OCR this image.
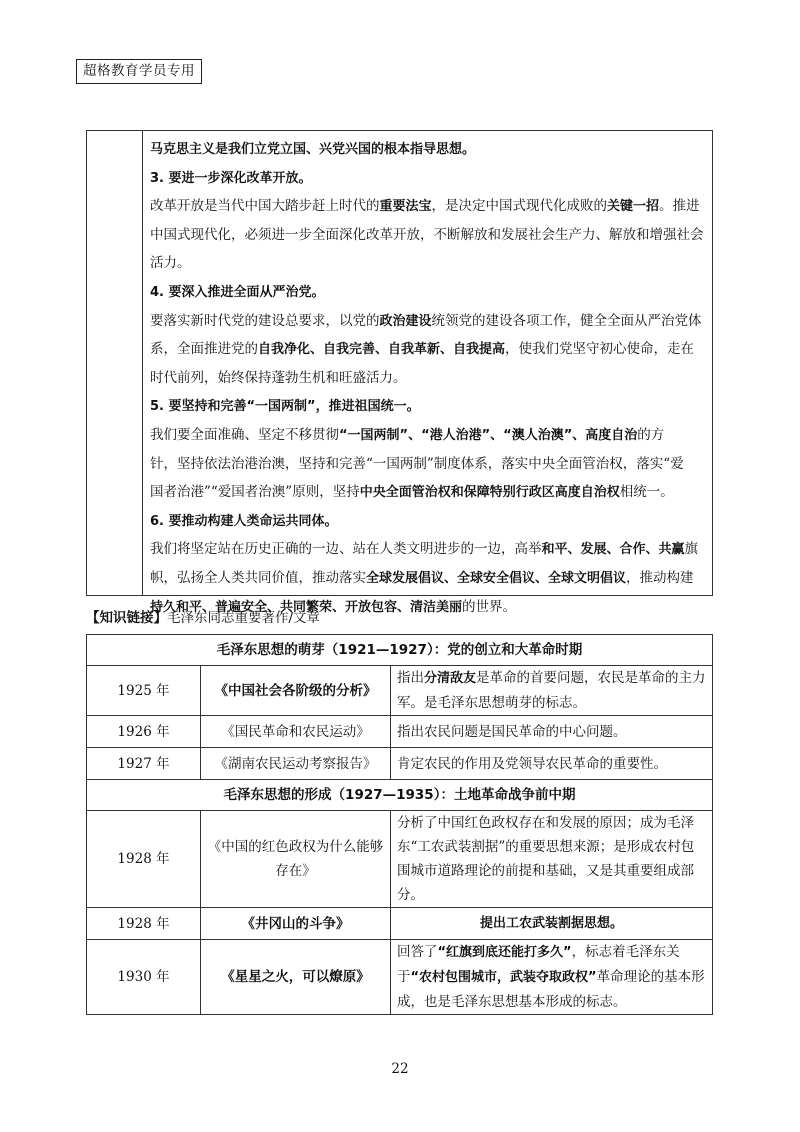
超格教育学员专用
马克思主义是我们立党立国、兴党兴国的根本指导思想。
3. 要进一步深化改革开放。
改革开放是当代中国大踏步赶上时代的重要法宝，是决定中国式现代化成败的关键一招。推进
中国式现代化，必须进一步全面深化改革开放，不断解放和发展社会生产力、解放和增强社会
活力。
4. 要深入推进全面从严治党。
要落实新时代党的建设总要求，以党的政治建设统领党的建设各项工作，健全全面从严治党体
系，全面推进党的自我净化、自我完善、自我革新、自我提高，使我们党坚守初心使命，走在
时代前列，始终保持蓬勃生机和旺盛活力。
5. 要坚持和完善“一国两制”，推进祖国统一。
我们要全面准确、坚定不移贯彻“一国两制”、“港人治港”、“澳人治澳”、高度自治的方
针，坚持依法治港治澳，坚持和完善“一国两制”制度体系，落实中央全面管治权，落实“爱
国者治港”“爱国者治澳”原则，坚持中央全面管治权和保障特别行政区高度自治权相统一。
6. 要推动构建人类命运共同体。
我们将坚定站在历史正确的一边、站在人类文明进步的一边，高举和平、发展、合作、共赢旗
帜，弘扬全人类共同价值，推动落实全球发展倡议、全球安全倡议、全球文明倡议，推动构建
持久和平、普遍安全、共同繁荣、开放包容、清洁美丽的世界。
【知识链接】毛泽东同志重要著作/文章
毛泽东思想的萌芽（1921—1927）：党的创立和大革命时期		
1925 年	《中国社会各阶级的分析》	指出分清敌友是革命的首要问题，农民是革命的主力军。是毛泽东思想萌芽的标志。
1926 年	《国民革命和农民运动》	指出农民问题是国民革命的中心问题。
1927 年	《湖南农民运动考察报告》	肯定农民的作用及党领导农民革命的重要性。
毛泽东思想的形成（1927—1935）：土地革命战争前中期		
1928 年	《中国的红色政权为什么能够存在》	分析了中国红色政权存在和发展的原因；成为毛泽东“工农武装割据”的重要思想来源；是形成农村包围城市道路理论的前提和基础，又是其重要组成部分。
1928 年	《井冈山的斗争》	提出工农武装割据思想。
1930 年	《星星之火，可以燎原》	回答了“红旗到底还能打多久”，标志着毛泽东关于“农村包围城市，武装夺取政权”革命理论的基本形成，也是毛泽东思想基本形成的标志。
22
